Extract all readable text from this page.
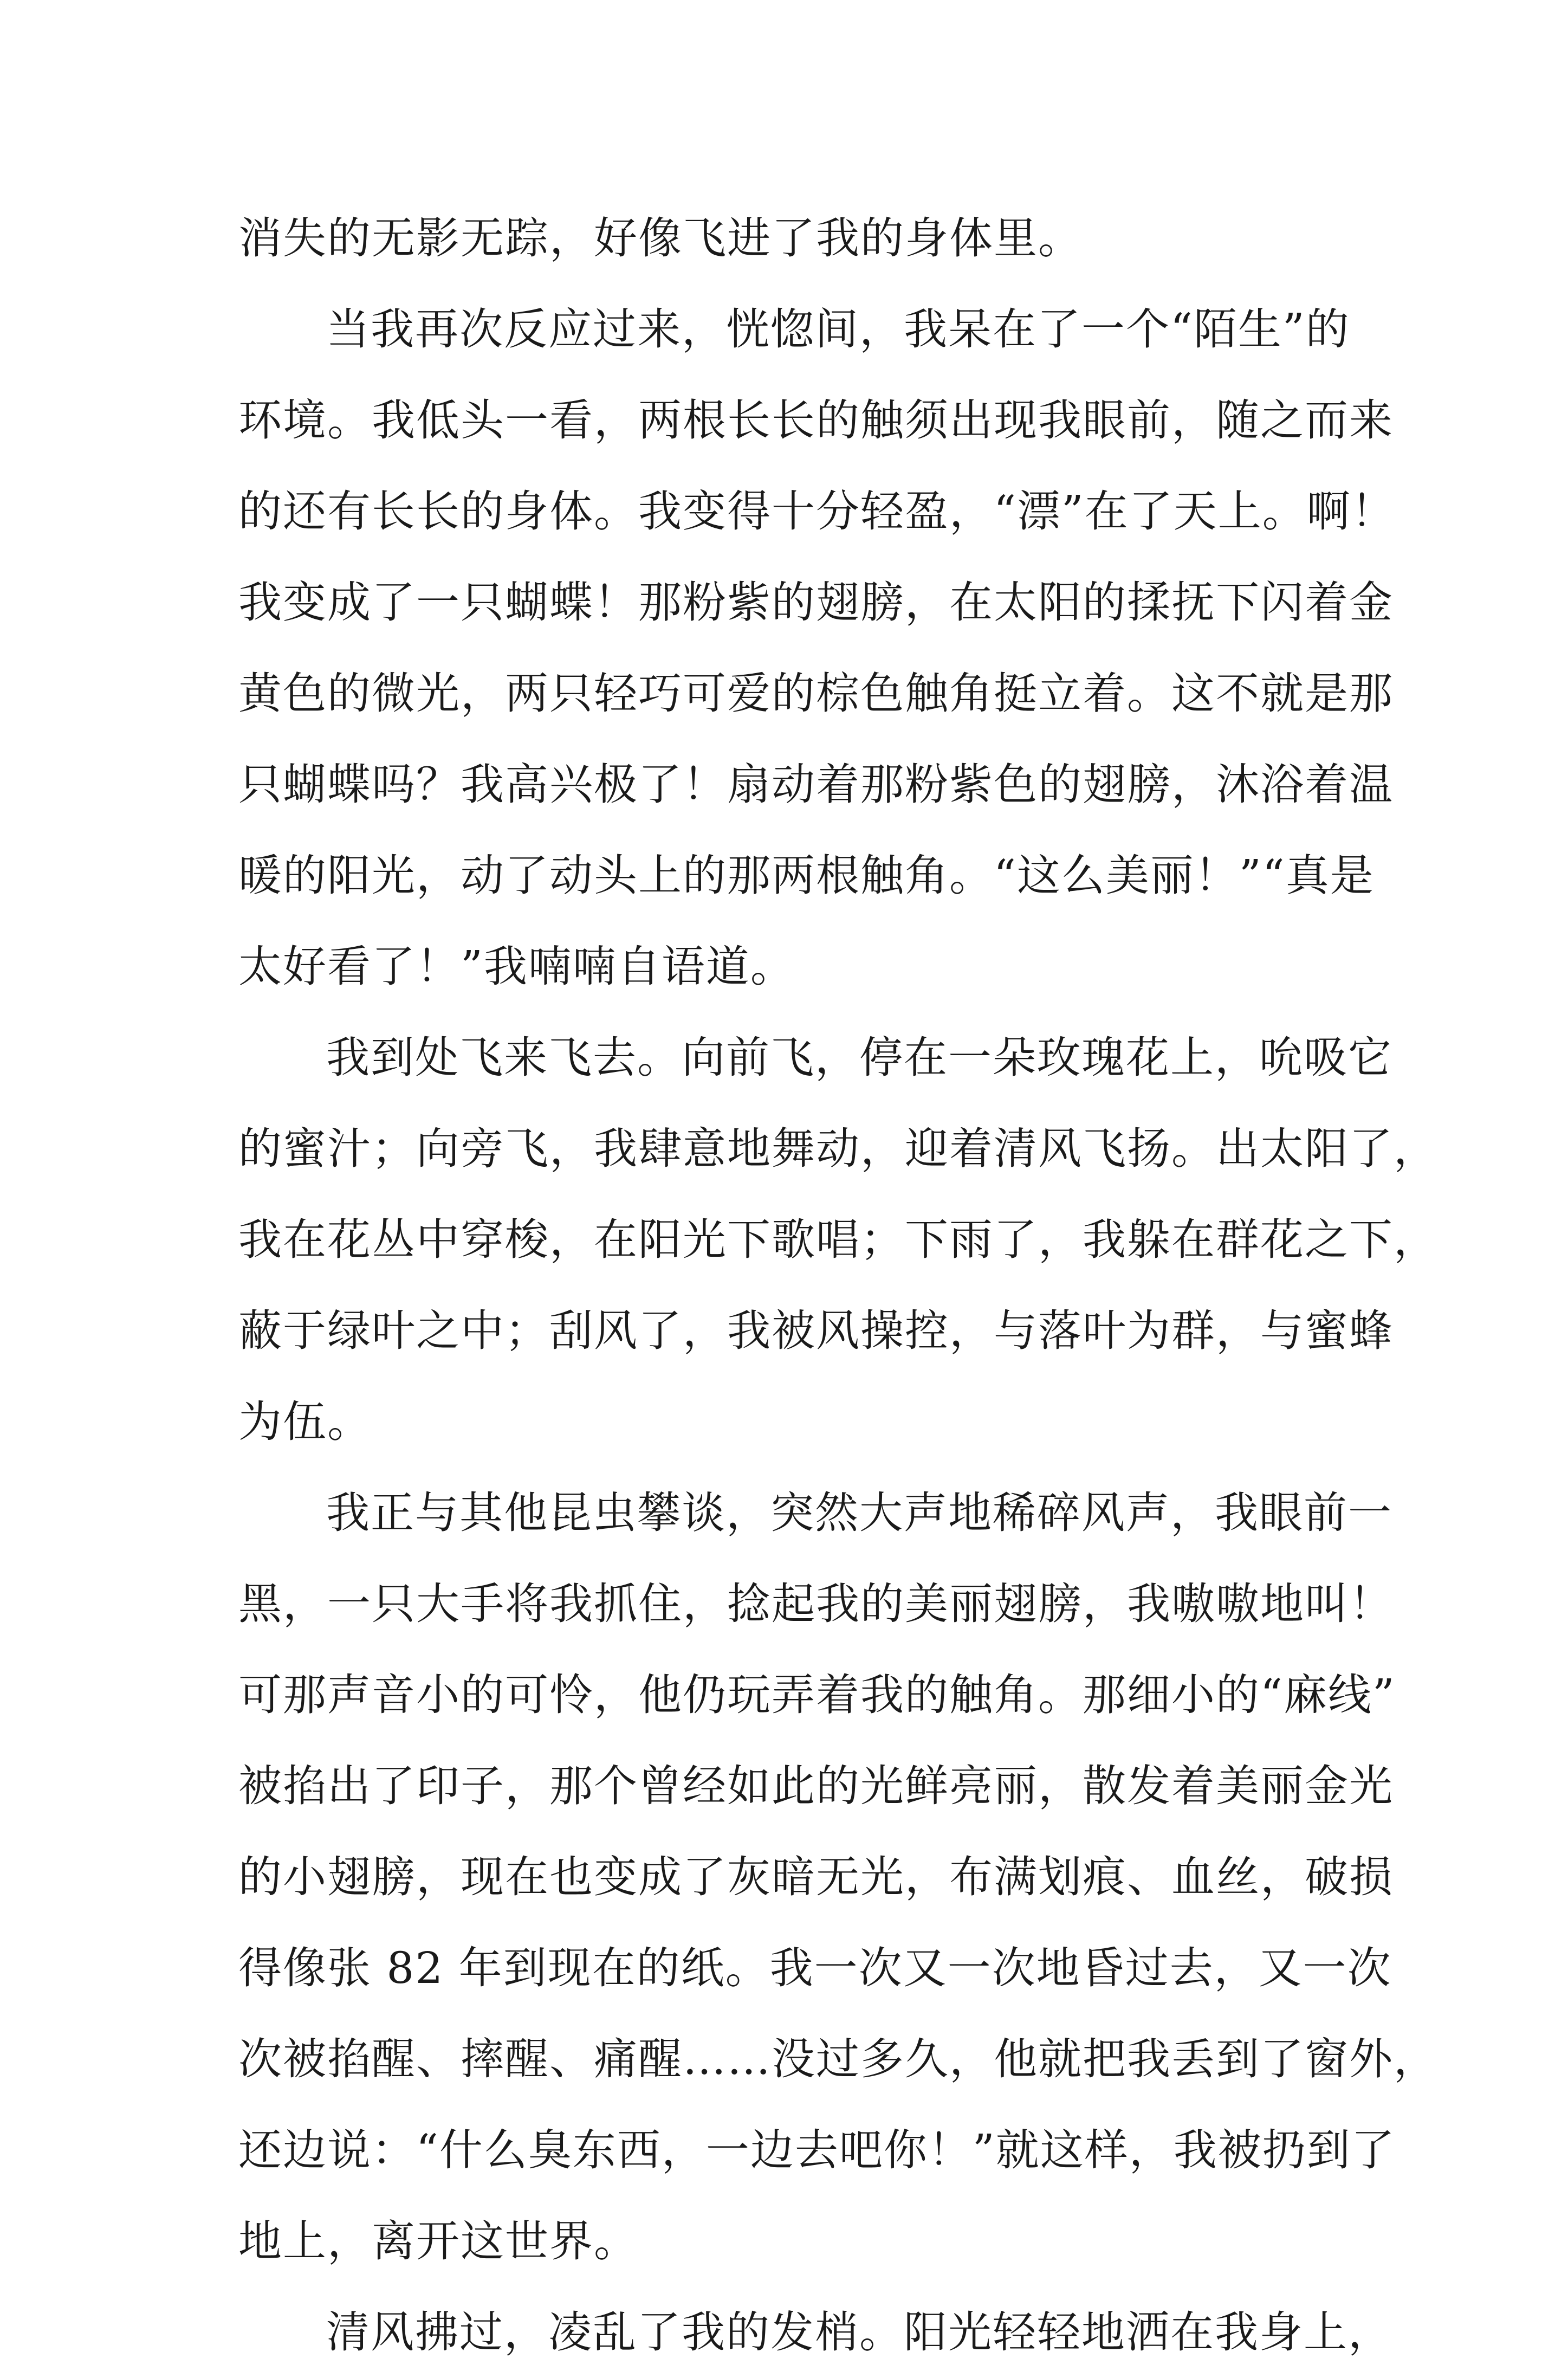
消失的无影无踪，好像飞进了我的身体里。
当我再次反应过来，恍惚间，我呆在了一个“陌生”的
环境。我低头一看，两根长长的触须出现我眼前，随之而来
的还有长长的身体。我变得十分轻盈，“漂”在了天上。啊！
我变成了一只蝴蝶！那粉紫的翅膀，在太阳的揉抚下闪着金
黄色的微光，两只轻巧可爱的棕色触角挺立着。这不就是那
只蝴蝶吗？我高兴极了！扇动着那粉紫色的翅膀，沐浴着温
暖的阳光，动了动头上的那两根触角。“这么美丽！”“真是
太好看了！”我喃喃自语道。
我到处飞来飞去。向前飞，停在一朵玫瑰花上，吮吸它
的蜜汁；向旁飞，我肆意地舞动，迎着清风飞扬。出太阳了，
我在花丛中穿梭，在阳光下歌唱；下雨了，我躲在群花之下，
蔽于绿叶之中；刮风了，我被风操控，与落叶为群，与蜜蜂
为伍。
我正与其他昆虫攀谈，突然大声地稀碎风声，我眼前一
黑，一只大手将我抓住，捻起我的美丽翅膀，我嗷嗷地叫！
可那声音小的可怜，他仍玩弄着我的触角。那细小的“麻线”
被掐出了印子，那个曾经如此的光鲜亮丽，散发着美丽金光
的小翅膀，现在也变成了灰暗无光，布满划痕、血丝，破损
得像张 82 年到现在的纸。我一次又一次地昏过去，又一次
次被掐醒、摔醒、痛醒……没过多久，他就把我丢到了窗外，
还边说：“什么臭东西，一边去吧你！”就这样，我被扔到了
地上，离开这世界。
清风拂过，凌乱了我的发梢。阳光轻轻地洒在我身上，
